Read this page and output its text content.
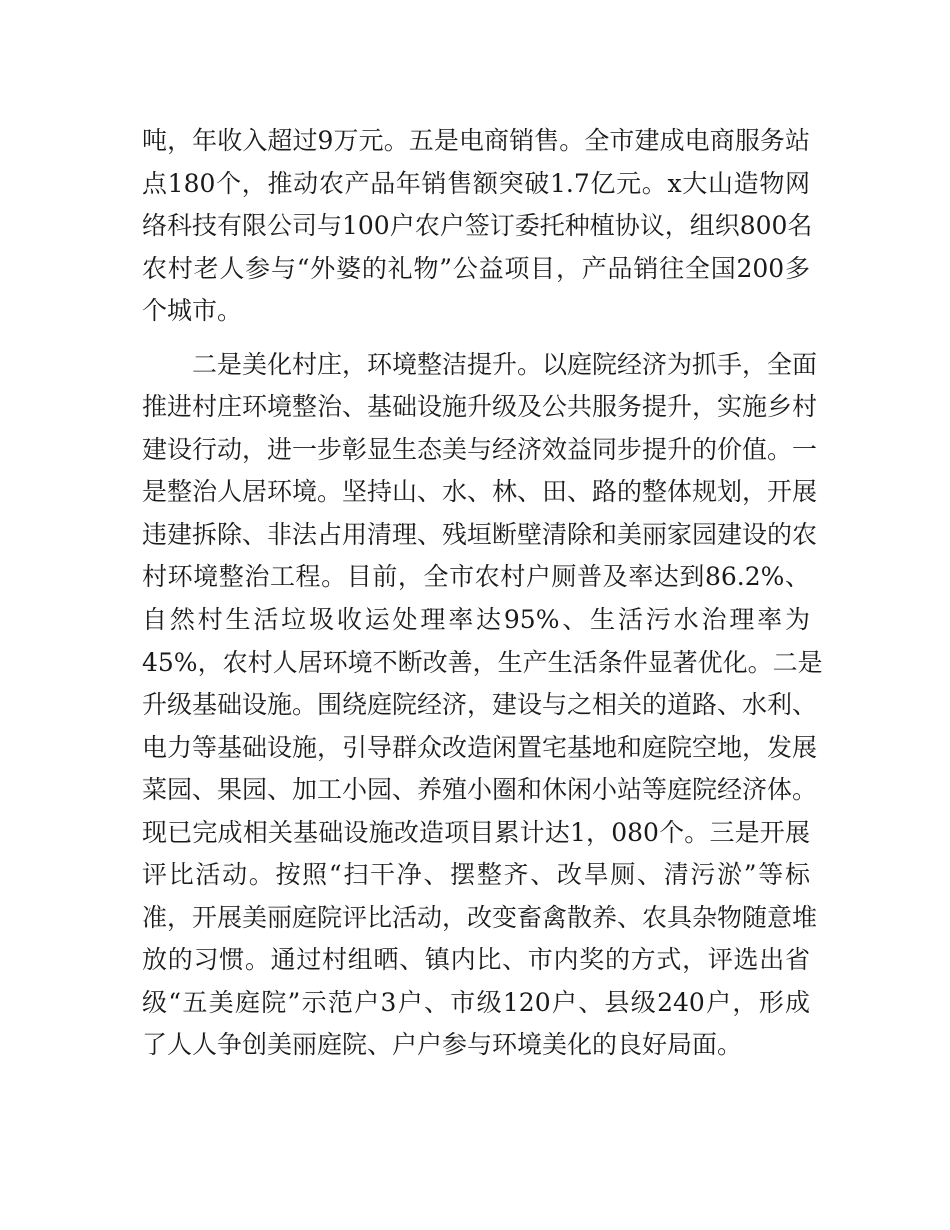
吨，年收入超过9万元。五是电商销售。全市建成电商服务站
点180个，推动农产品年销售额突破1.7亿元。x大山造物网
络科技有限公司与100户农户签订委托种植协议，组织800名
农村老人参与“外婆的礼物”公益项目，产品销往全国200多
个城市。
　　二是美化村庄，环境整洁提升。以庭院经济为抓手，全面
推进村庄环境整治、基础设施升级及公共服务提升，实施乡村
建设行动，进一步彰显生态美与经济效益同步提升的价值。一
是整治人居环境。坚持山、水、林、田、路的整体规划，开展
违建拆除、非法占用清理、残垣断壁清除和美丽家园建设的农
村环境整治工程。目前，全市农村户厕普及率达到86.2%、
自然村生活垃圾收运处理率达95%、生活污水治理率为
45%，农村人居环境不断改善，生产生活条件显著优化。二是
升级基础设施。围绕庭院经济，建设与之相关的道路、水利、
电力等基础设施，引导群众改造闲置宅基地和庭院空地，发展
菜园、果园、加工小园、养殖小圈和休闲小站等庭院经济体。
现已完成相关基础设施改造项目累计达1，080个。三是开展
评比活动。按照“扫干净、摆整齐、改旱厕、清污淤”等标
准，开展美丽庭院评比活动，改变畜禽散养、农具杂物随意堆
放的习惯。通过村组晒、镇内比、市内奖的方式，评选出省
级“五美庭院”示范户3户、市级120户、县级240户，形成
了人人争创美丽庭院、户户参与环境美化的良好局面。
